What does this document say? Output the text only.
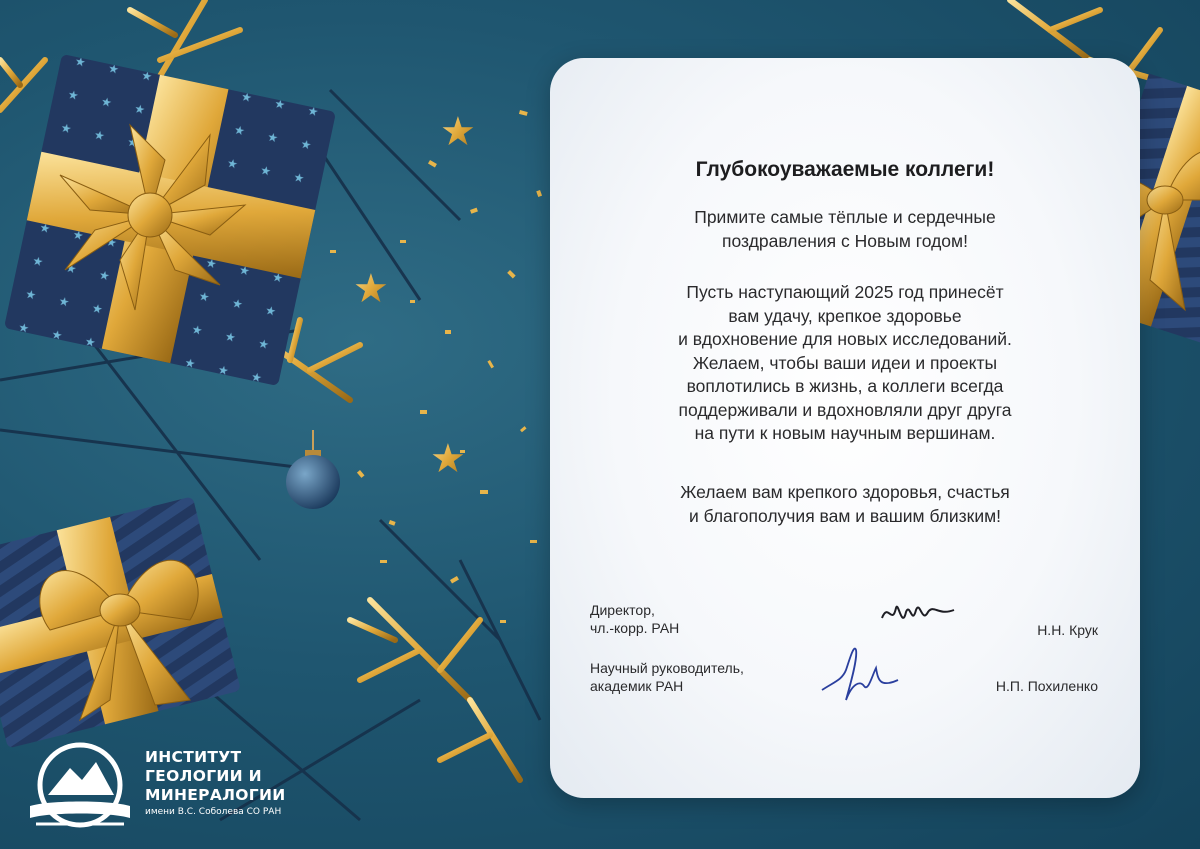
★
★
★
Глубокоуважаемые коллеги!
Примите самые тёплые и сердечные
поздравления с Новым годом!
Пусть наступающий 2025 год принесёт
вам удачу, крепкое здоровье
и вдохновение для новых исследований.
Желаем, чтобы ваши идеи и проекты
воплотились в жизнь, а коллеги всегда
поддерживали и вдохновляли друг друга
на пути к новым научным вершинам.
Желаем вам крепкого здоровья, счастья
и благополучия вам и вашим близким!
Директор,
чл.-корр. РАН	Н.Н. Крук
Научный руководитель,
академик РАН	Н.П. Похиленко
ИНСТИТУТ
ГЕОЛОГИИ И
МИНЕРАЛОГИИ
имени В.С. Соболева СО РАН
